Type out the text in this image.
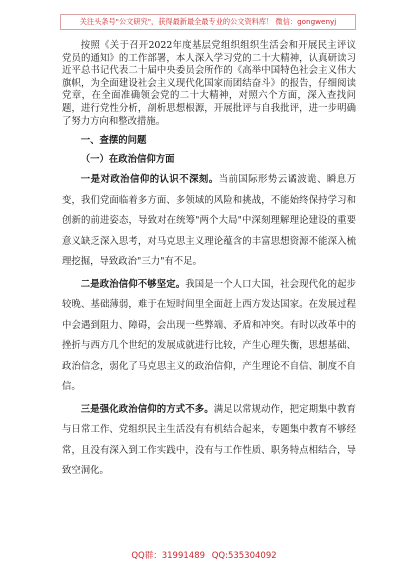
关注头条号"公文研究"，获得最新最全最专业的公文资料库！ 微信：gongwenyj

按照《关于召开2022年度基层党组织组织生活会和开展民主评议党员的通知》的工作部署，本人深入学习党的二十大精神，认真研读习近平总书记代表二十届中央委员会所作的《高举中国特色社会主义伟大旗帜，为全面建设社会主义现代化国家而团结奋斗》的报告，仔细阅读党章，在全面准确领会党的二十大精神，对照六个方面，深入查找问题，进行党性分析，剖析思想根源，开展批评与自我批评，进一步明确了努力方向和整改措施。

一、查摆的问题

（一）在政治信仰方面

一是对政治信仰的认识不深刻。当前国际形势云谲波诡、瞬息万变，我们党面临着多方面、多领域的风险和挑战，不能始终保持学习和创新的前进姿态，导致对在统筹"两个大局"中深刻理解理论建设的重要意义缺乏深入思考，对马克思主义理论蕴含的丰富思想资源不能深入梳理挖掘，导致政治"三力"有不足。

二是政治信仰不够坚定。我国是一个人口大国，社会现代化的起步较晚、基础薄弱，难于在短时间里全面赶上西方发达国家。在发展过程中会遇到阻力、障碍，会出现一些弊端、矛盾和冲突。有时以改革中的挫折与西方几个世纪的发展成就进行比较，产生心理失衡，思想基础、政治信念，弱化了马克思主义的政治信仰，产生理论不自信、制度不自信。

三是强化政治信仰的方式不多。满足以常规动作，把定期集中教育与日常工作、党组织民主生活没有有机结合起来，专题集中教育不够经常，且没有深入到工作实践中，没有与工作性质、职务特点相结合，导致空洞化。

QQ群：31991489 QQ:535304092
